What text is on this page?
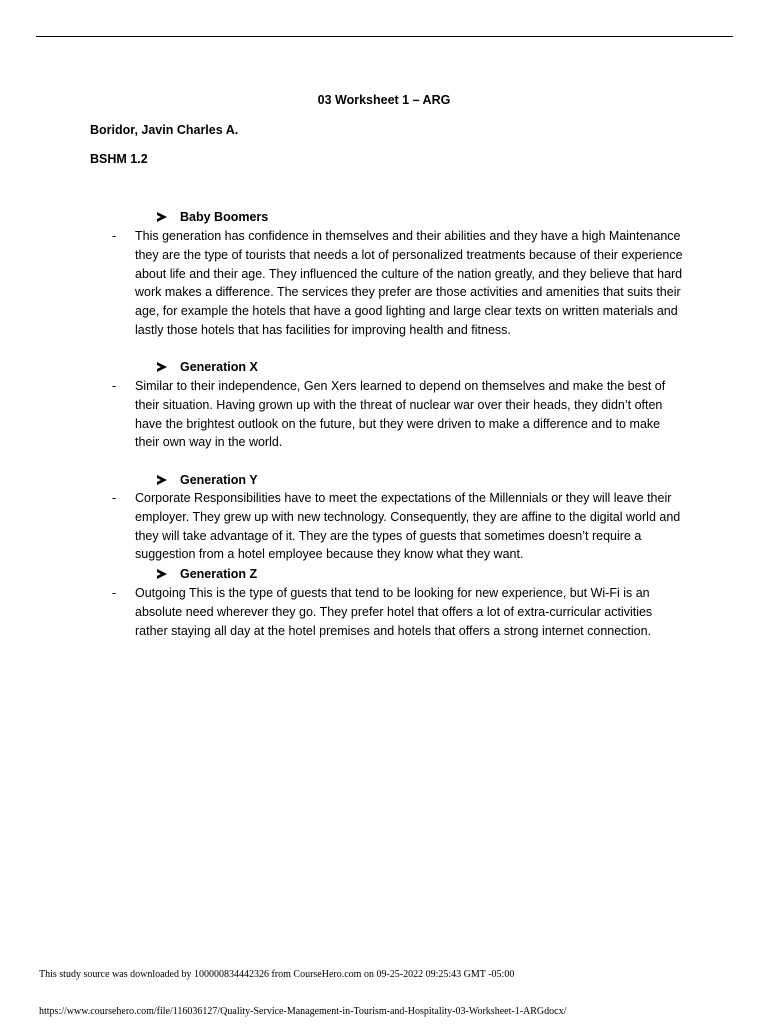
03 Worksheet 1 – ARG
Boridor, Javin Charles A.
BSHM 1.2
Baby Boomers
- This generation has confidence in themselves and their abilities and they have a high Maintenance they are the type of tourists that needs a lot of personalized treatments because of their experience about life and their age. They influenced the culture of the nation greatly, and they believe that hard work makes a difference. The services they prefer are those activities and amenities that suits their age, for example the hotels that have a good lighting and large clear texts on written materials and lastly those hotels that has facilities for improving health and fitness.
Generation X
- Similar to their independence, Gen Xers learned to depend on themselves and make the best of their situation. Having grown up with the threat of nuclear war over their heads, they didn’t often have the brightest outlook on the future, but they were driven to make a difference and to make their own way in the world.
Generation Y
- Corporate Responsibilities have to meet the expectations of the Millennials or they will leave their employer. They grew up with new technology. Consequently, they are affine to the digital world and they will take advantage of it. They are the types of guests that sometimes doesn’t require a suggestion from a hotel employee because they know what they want.
Generation Z
- Outgoing This is the type of guests that tend to be looking for new experience, but Wi-Fi is an absolute need wherever they go. They prefer hotel that offers a lot of extra-curricular activities rather staying all day at the hotel premises and hotels that offers a strong internet connection.
This study source was downloaded by 100000834442326 from CourseHero.com on 09-25-2022 09:25:43 GMT -05:00
https://www.coursehero.com/file/116036127/Quality-Service-Management-in-Tourism-and-Hospitality-03-Worksheet-1-ARGdocx/
